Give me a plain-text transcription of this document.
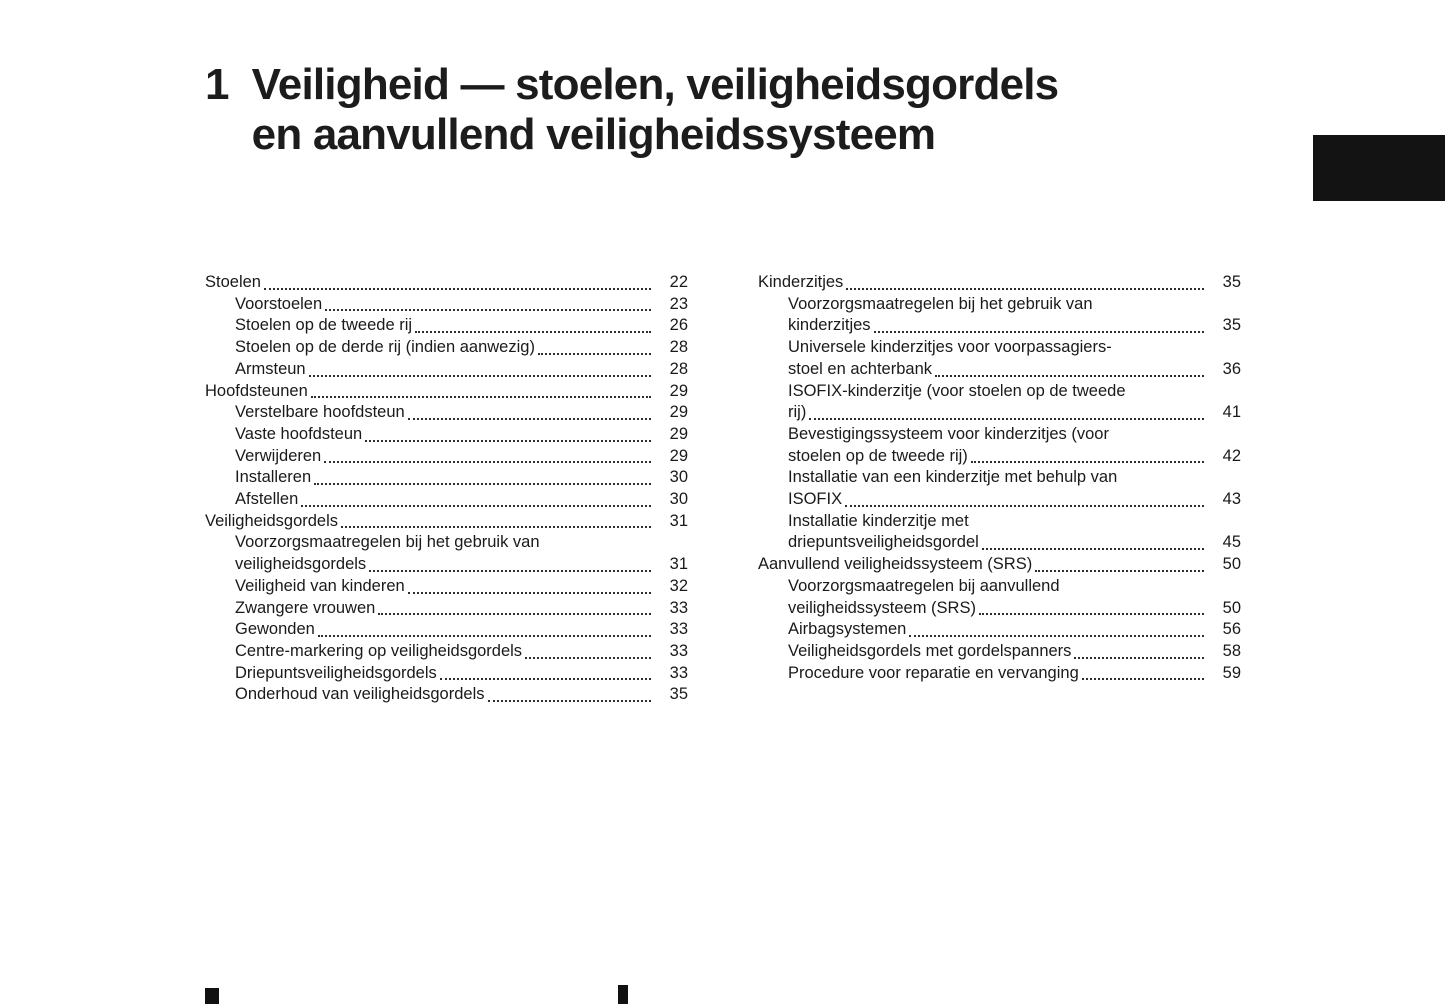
1 Veiligheid — stoelen, veiligheidsgordels
en aanvullend veiligheidssysteem
Stoelen	22
Voorstoelen	23
Stoelen op de tweede rij	26
Stoelen op de derde rij (indien aanwezig)	28
Armsteun	28
Hoofdsteunen	29
Verstelbare hoofdsteun	29
Vaste hoofdsteun	29
Verwijderen	29
Installeren	30
Afstellen	30
Veiligheidsgordels	31
Voorzorgsmaatregelen bij het gebruik van
veiligheidsgordels	31
Veiligheid van kinderen	32
Zwangere vrouwen	33
Gewonden	33
Centre-markering op veiligheidsgordels	33
Driepuntsveiligheidsgordels	33
Onderhoud van veiligheidsgordels	35
Kinderzitjes	35
Voorzorgsmaatregelen bij het gebruik van
kinderzitjes	35
Universele kinderzitjes voor voorpassagiers-
stoel en achterbank	36
ISOFIX-kinderzitje (voor stoelen op de tweede
rij)	41
Bevestigingssysteem voor kinderzitjes (voor
stoelen op de tweede rij)	42
Installatie van een kinderzitje met behulp van
ISOFIX	43
Installatie kinderzitje met
driepuntsveiligheidsgordel	45
Aanvullend veiligheidssysteem (SRS)	50
Voorzorgsmaatregelen bij aanvullend
veiligheidssysteem (SRS)	50
Airbagsystemen	56
Veiligheidsgordels met gordelspanners	58
Procedure voor reparatie en vervanging	59
